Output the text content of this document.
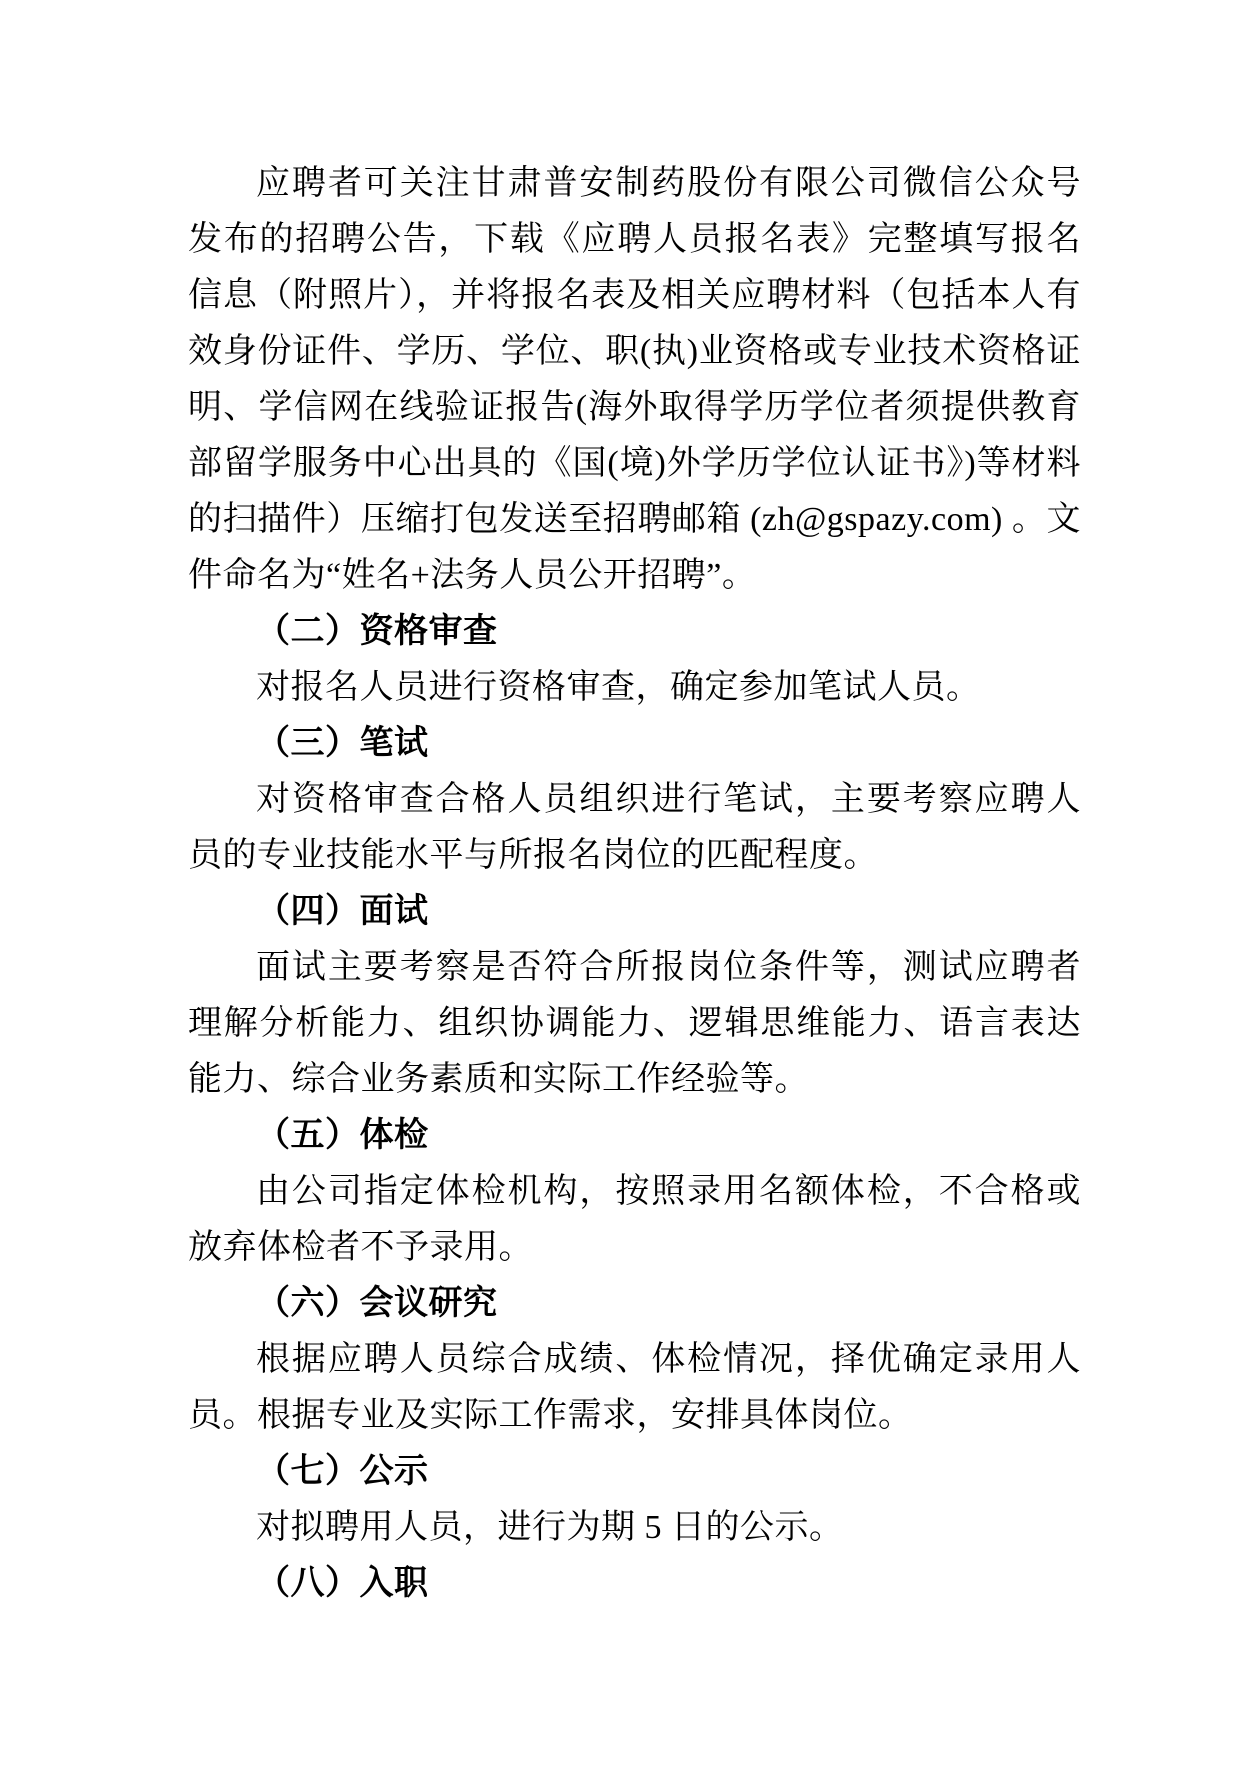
应聘者可关注甘肃普安制药股份有限公司微信公众号发布的招聘公告，下载《应聘人员报名表》完整填写报名信息（附照片），并将报名表及相关应聘材料（包括本人有效身份证件、学历、学位、职(执)业资格或专业技术资格证明、学信网在线验证报告(海外取得学历学位者须提供教育部留学服务中心出具的《国(境)外学历学位认证书》)等材料的扫描件）压缩打包发送至招聘邮箱 (zh@gspazy.com) 。文件命名为“姓名+法务人员公开招聘”。

（二）资格审查

对报名人员进行资格审查，确定参加笔试人员。

（三）笔试

对资格审查合格人员组织进行笔试，主要考察应聘人员的专业技能水平与所报名岗位的匹配程度。

（四）面试

面试主要考察是否符合所报岗位条件等，测试应聘者理解分析能力、组织协调能力、逻辑思维能力、语言表达能力、综合业务素质和实际工作经验等。

（五）体检

由公司指定体检机构，按照录用名额体检，不合格或放弃体检者不予录用。

（六）会议研究

根据应聘人员综合成绩、体检情况，择优确定录用人员。根据专业及实际工作需求，安排具体岗位。

（七）公示

对拟聘用人员，进行为期 5 日的公示。

（八）入职
